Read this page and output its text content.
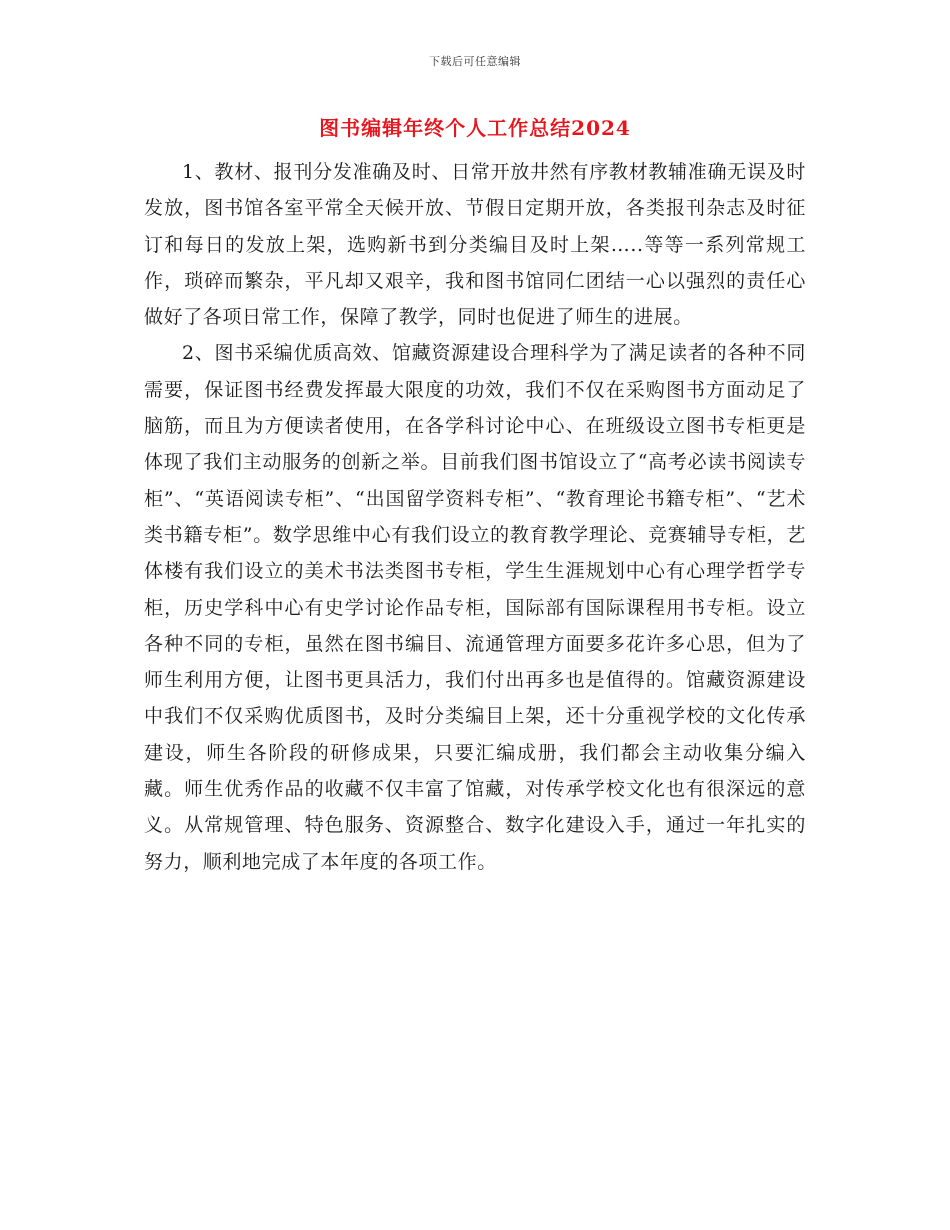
下载后可任意编辑
图书编辑年终个人工作总结2024

1、教材、报刊分发准确及时、日常开放井然有序教材教辅准确无误及时发放，图书馆各室平常全天候开放、节假日定期开放，各类报刊杂志及时征订和每日的发放上架，选购新书到分类编目及时上架…..等等一系列常规工作，琐碎而繁杂，平凡却又艰辛，我和图书馆同仁团结一心以强烈的责任心做好了各项日常工作，保障了教学，同时也促进了师生的进展。

2、图书采编优质高效、馆藏资源建设合理科学为了满足读者的各种不同需要，保证图书经费发挥最大限度的功效，我们不仅在采购图书方面动足了脑筋，而且为方便读者使用，在各学科讨论中心、在班级设立图书专柜更是体现了我们主动服务的创新之举。目前我们图书馆设立了“高考必读书阅读专柜”、“英语阅读专柜”、“出国留学资料专柜”、“教育理论书籍专柜”、“艺术类书籍专柜”。数学思维中心有我们设立的教育教学理论、竞赛辅导专柜，艺体楼有我们设立的美术书法类图书专柜，学生生涯规划中心有心理学哲学专柜，历史学科中心有史学讨论作品专柜，国际部有国际课程用书专柜。设立各种不同的专柜，虽然在图书编目、流通管理方面要多花许多心思，但为了师生利用方便，让图书更具活力，我们付出再多也是值得的。馆藏资源建设中我们不仅采购优质图书，及时分类编目上架，还十分重视学校的文化传承建设，师生各阶段的研修成果，只要汇编成册，我们都会主动收集分编入藏。师生优秀作品的收藏不仅丰富了馆藏，对传承学校文化也有很深远的意义。从常规管理、特色服务、资源整合、数字化建设入手，通过一年扎实的努力，顺利地完成了本年度的各项工作。
